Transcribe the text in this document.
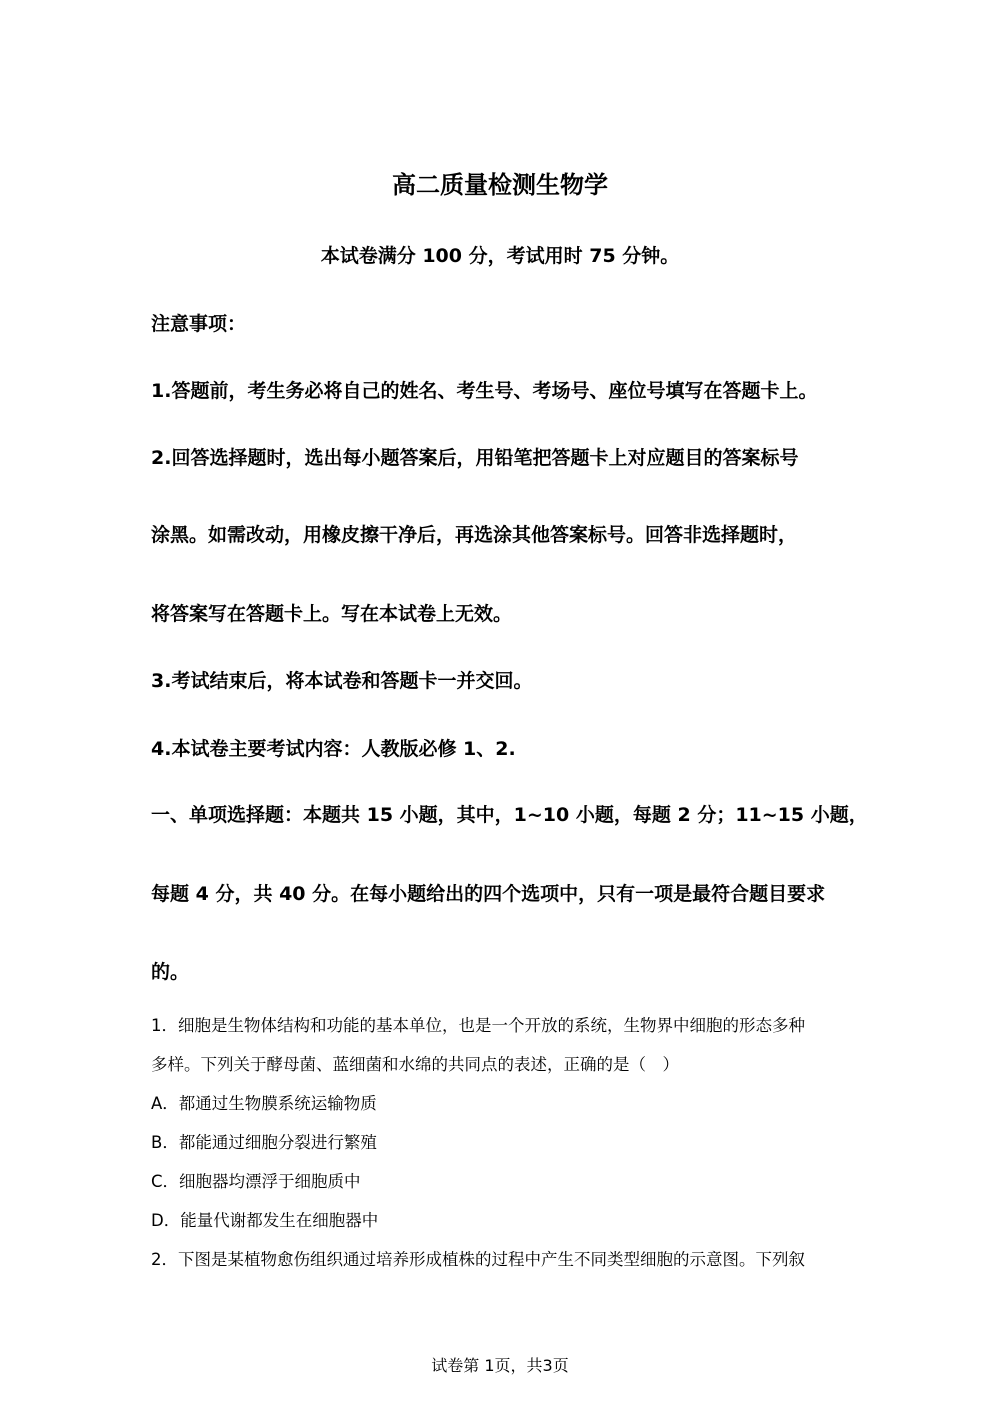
高二质量检测生物学
本试卷满分 100 分，考试用时 75 分钟。
注意事项：
1.答题前，考生务必将自己的姓名、考生号、考场号、座位号填写在答题卡上。
2.回答选择题时，选出每小题答案后，用铅笔把答题卡上对应题目的答案标号
涂黑。如需改动，用橡皮擦干净后，再选涂其他答案标号。回答非选择题时，
将答案写在答题卡上。写在本试卷上无效。
3.考试结束后，将本试卷和答题卡一并交回。
4.本试卷主要考试内容：人教版必修 1、2.
一、单项选择题：本题共 15 小题，其中，1~10 小题，每题 2 分；11~15 小题，
每题 4 分，共 40 分。在每小题给出的四个选项中，只有一项是最符合题目要求
的。
1．细胞是生物体结构和功能的基本单位，也是一个开放的系统，生物界中细胞的形态多种
多样。下列关于酵母菌、蓝细菌和水绵的共同点的表述，正确的是（　）
A．都通过生物膜系统运输物质
B．都能通过细胞分裂进行繁殖
C．细胞器均漂浮于细胞质中
D．能量代谢都发生在细胞器中
2．下图是某植物愈伤组织通过培养形成植株的过程中产生不同类型细胞的示意图。下列叙
试卷第 1页，共3页
